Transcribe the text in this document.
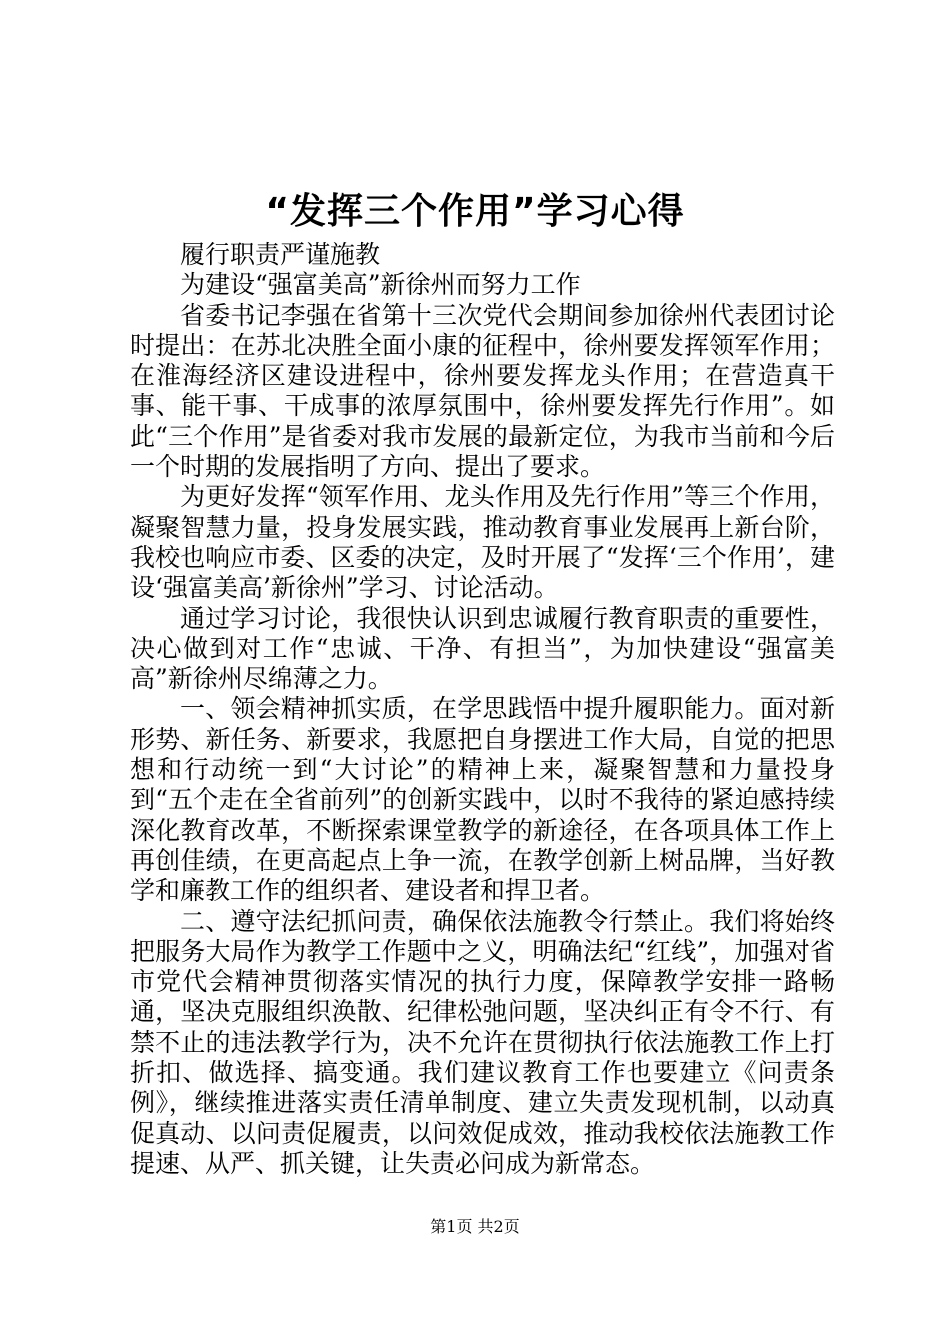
“发挥三个作用”学习心得

履行职责严谨施教

为建设“强富美高”新徐州而努力工作

省委书记李强在省第十三次党代会期间参加徐州代表团讨论时提出：在苏北决胜全面小康的征程中，徐州要发挥领军作用；在淮海经济区建设进程中，徐州要发挥龙头作用；在营造真干事、能干事、干成事的浓厚氛围中，徐州要发挥先行作用”。如此“三个作用”是省委对我市发展的最新定位，为我市当前和今后一个时期的发展指明了方向、提出了要求。

为更好发挥“领军作用、龙头作用及先行作用”等三个作用，凝聚智慧力量，投身发展实践，推动教育事业发展再上新台阶，我校也响应市委、区委的决定，及时开展了“发挥‘三个作用’，建设‘强富美高’新徐州”学习、讨论活动。

通过学习讨论，我很快认识到忠诚履行教育职责的重要性，决心做到对工作“忠诚、干净、有担当”，为加快建设“强富美高”新徐州尽绵薄之力。

一、领会精神抓实质，在学思践悟中提升履职能力。面对新形势、新任务、新要求，我愿把自身摆进工作大局，自觉的把思想和行动统一到“大讨论”的精神上来，凝聚智慧和力量投身到“五个走在全省前列”的创新实践中，以时不我待的紧迫感持续深化教育改革，不断探索课堂教学的新途径，在各项具体工作上再创佳绩，在更高起点上争一流，在教学创新上树品牌，当好教学和廉教工作的组织者、建设者和捍卫者。

二、遵守法纪抓问责，确保依法施教令行禁止。我们将始终把服务大局作为教学工作题中之义，明确法纪“红线”，加强对省市党代会精神贯彻落实情况的执行力度，保障教学安排一路畅通，坚决克服组织涣散、纪律松弛问题，坚决纠正有令不行、有禁不止的违法教学行为，决不允许在贯彻执行依法施教工作上打折扣、做选择、搞变通。我们建议教育工作也要建立《问责条例》，继续推进落实责任清单制度、建立失责发现机制，以动真促真动、以问责促履责，以问效促成效，推动我校依法施教工作提速、从严、抓关键，让失责必问成为新常态。

第1页 共2页
